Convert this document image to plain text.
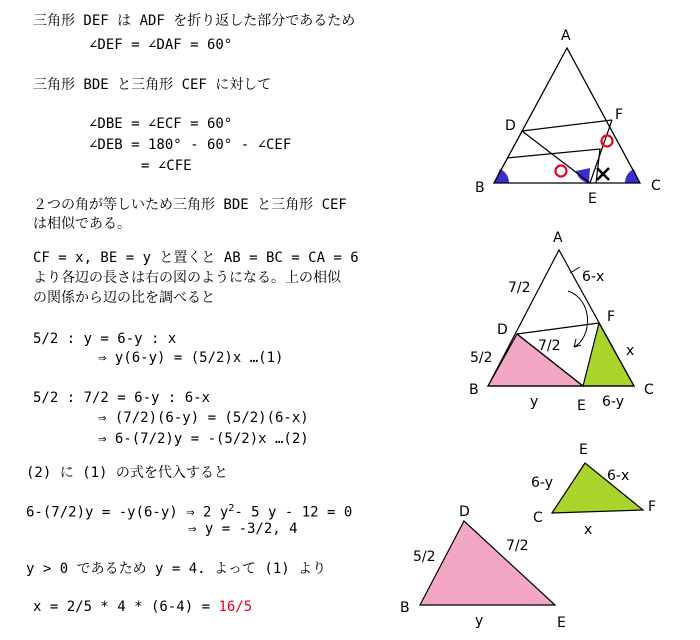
三角形 DEF は ADF を折り返した部分であるため
∠DEF = ∠DAF = 60°
三角形 BDE と三角形 CEF に対して
∠DBE = ∠ECF = 60°
∠DEB = 180° - 60° - ∠CEF
= ∠CFE
２つの角が等しいため三角形 BDE と三角形 CEF
は相似である。
CF = x, BE = y と置くと AB = BC = CA = 6
より各辺の長さは右の図のようになる。上の相似
の関係から辺の比を調べると
5/2 : y = 6-y : x
⇒ y(6-y) = (5/2)x …(1)
5/2 : 7/2 = 6-y : 6-x
⇒ (7/2)(6-y) = (5/2)(6-x)
⇒ 6-(7/2)y = -(5/2)x …(2)
(2) に (1) の式を代入すると
6-(7/2)y = -y(6-y) ⇒ 2 $y^2-$ 5 y - 12 = 0
⇒ y = -3/2, 4
y > 0 であるため y = 4. よって (1) より
x = 2/5 * 4 * (6-4) = 16/5
A
B	C
D
E
F
A
B	C
D
E
F
7/2
6-x
7/2
5/2
y	6-y
x
E
C
F
6-y	6-x
x
D
B
E
5/2
7/2
y
